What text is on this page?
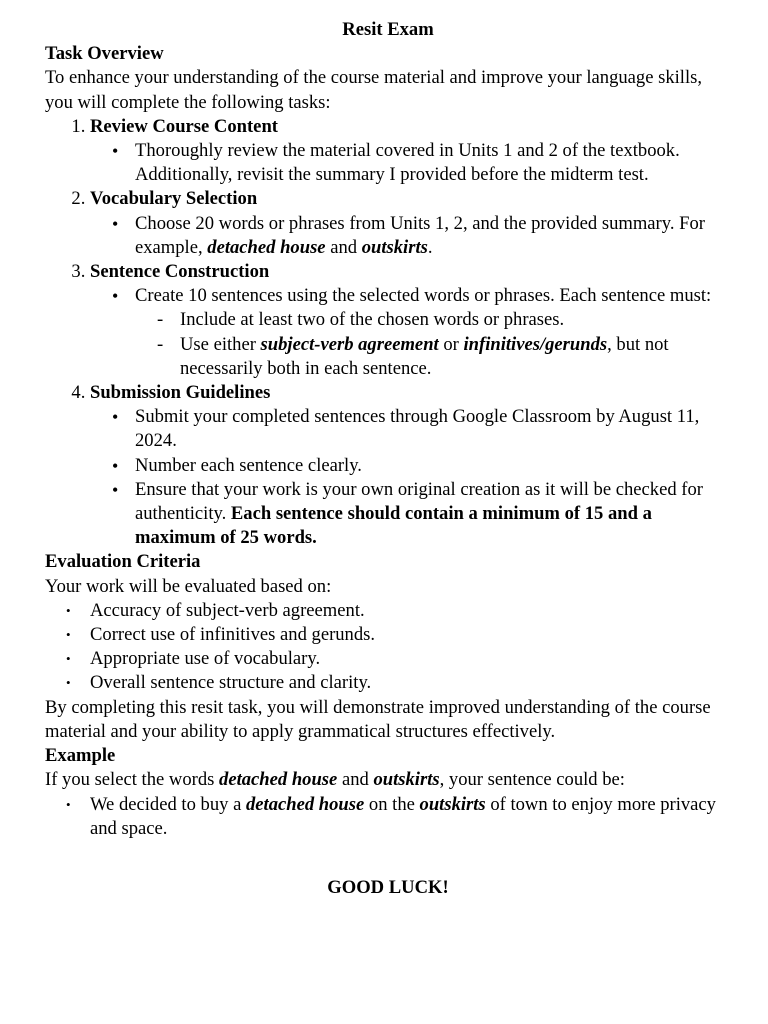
Resit Exam

Task Overview

To enhance your understanding of the course material and improve your language skills, you will complete the following tasks:

1. Review Course Content
• Thoroughly review the material covered in Units 1 and 2 of the textbook. Additionally, revisit the summary I provided before the midterm test.
2. Vocabulary Selection
• Choose 20 words or phrases from Units 1, 2, and the provided summary. For example, detached house and outskirts.
3. Sentence Construction
• Create 10 sentences using the selected words or phrases. Each sentence must:
- Include at least two of the chosen words or phrases.
- Use either subject-verb agreement or infinitives/gerunds, but not necessarily both in each sentence.
4. Submission Guidelines
• Submit your completed sentences through Google Classroom by August 11, 2024.
• Number each sentence clearly.
• Ensure that your work is your own original creation as it will be checked for authenticity. Each sentence should contain a minimum of 15 and a maximum of 25 words.

Evaluation Criteria

Your work will be evaluated based on:

• Accuracy of subject-verb agreement.
• Correct use of infinitives and gerunds.
• Appropriate use of vocabulary.
• Overall sentence structure and clarity.

By completing this resit task, you will demonstrate improved understanding of the course material and your ability to apply grammatical structures effectively.

Example

If you select the words detached house and outskirts, your sentence could be:

• We decided to buy a detached house on the outskirts of town to enjoy more privacy and space.

GOOD LUCK!
